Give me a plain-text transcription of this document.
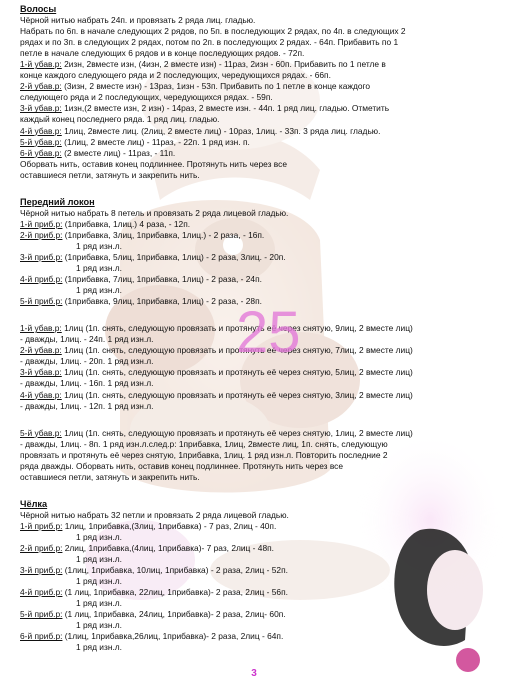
Волосы
Чёрной нитью набрать 24п. и провязать 2 ряда лиц. гладью.
Набрать по 6п. в начале следующих 2 рядов, по 5п. в последующих 2 рядах, по 4п. в следующих 2
рядах и по 3п. в следующих 2 рядах, потом по 2п. в последующих 2 рядах. - 64п. Прибавить по 1
петле в начале следующих 6 рядов и в конце последующих рядов. - 72п.
1-й убав.р: 2изн, 2вместе изн, (4изн, 2 вместе изн) - 11раз, 2изн - 60п. Прибавить по 1 петле в
конце каждого следующего ряда и 2 последующих, чередующихся рядах. - 66п.
2-й убав.р: (3изн, 2 вместе изн) - 13раз, 1изн - 53п. Прибавить по 1 петле в конце каждого
следующего ряда и 2 последующих, чередующихся рядах. - 59п.
3-й убав.р: 1изн,(2 вместе изн, 2 изн) - 14раз, 2 вместе изн. - 44п. 1 ряд лиц. гладью. Отметить
каждый конец последнего ряда. 1 ряд лиц. гладью.
4-й убав.р: 1лиц, 2вместе лиц. (2лиц, 2 вместе лиц) - 10раз, 1лиц. - 33п. 3 ряда лиц. гладью.
5-й убав.р: (1лиц, 2 вместе лиц) - 11раз, - 22п. 1 ряд изн. п.
6-й убав.р: (2 вместе лиц) - 11раз, - 11п.
Оборвать нить, оставив конец подлиннее. Протянуть нить через все
оставшиеся петли, затянуть и закрепить нить.
Передний локон
Чёрной нитью набрать 8 петель и провязать 2 ряда лицевой гладью.
1-й приб.р: (1прибавка, 1лиц.) 4 раза, - 12п.
2-й приб.р: (1прибавка, 3лиц, 1прибавка, 1лиц.) - 2 раза, - 16п.
1 ряд изн.л.
3-й приб.р: (1прибавка, 5лиц, 1прибавка, 1лиц) - 2 раза, 3лиц. - 20п.
1 ряд изн.л.
4-й приб.р: (1прибавка, 7лиц, 1прибавка, 1лиц) - 2 раза, - 24п.
1 ряд изн.л.
5-й приб.р: (1прибавка, 9лиц, 1прибавка, 1лиц) - 2 раза, - 28п.
1-й убав.р: 1лиц (1п. снять, следующую провязать и протянуть её через снятую, 9лиц, 2 вместе лиц)
- дважды, 1лиц. - 24п. 1 ряд изн.л.
2-й убав.р: 1лиц (1п. снять, следующую провязать и протянуть её через снятую, 7лиц, 2 вместе лиц)
- дважды, 1лиц. - 20п. 1 ряд изн.л.
3-й убав.р: 1лиц (1п. снять, следующую провязать и протянуть её через снятую, 5лиц, 2 вместе лиц)
- дважды, 1лиц. - 16п. 1 ряд изн.л.
4-й убав.р: 1лиц (1п. снять, следующую провязать и протянуть её через снятую, 3лиц, 2 вместе лиц)
- дважды, 1лиц. - 12п. 1 ряд изн.л.
5-й убав.р: 1лиц (1п. снять, следующую провязать и протянуть её через снятую, 1лиц, 2 вместе лиц)
- дважды, 1лиц. - 8п. 1 ряд изн.л.след.р: 1прибавка, 1лиц, 2вместе лиц, 1п. снять, следующую
провязать и протянуть её через снятую, 1прибавка, 1лиц. 1 ряд изн.л. Повторить последние 2
ряда дважды. Оборвать нить, оставив конец подлиннее. Протянуть нить через все
оставшиеся петли, затянуть и закрепить нить.
Чёлка
Чёрной нитью набрать 32 петли и провязать 2 ряда лицевой гладью.
1-й приб.р: 1лиц, 1прибавка,(3лиц, 1прибавка) - 7 раз, 2лиц - 40п.
1 ряд изн.л.
2-й приб.р: 2лиц, 1прибавка,(4лиц, 1прибавка)- 7 раз, 2лиц - 48п.
1 ряд изн.л.
3-й приб.р: (1лиц, 1прибавка, 10лиц, 1прибавка) - 2 раза, 2лиц - 52п.
1 ряд изн.л.
4-й приб.р: (1 лиц, 1прибавка, 22лиц, 1прибавка)- 2 раза, 2лиц - 56п.
1 ряд изн.л.
5-й приб.р: (1 лиц, 1прибавка, 24лиц, 1прибавка)- 2 раза, 2лиц- 60п.
1 ряд изн.л.
6-й приб.р: (1лиц, 1прибавка,26лиц, 1прибавка)- 2 раза, 2лиц - 64п.
1 ряд изн.л.
25
3
